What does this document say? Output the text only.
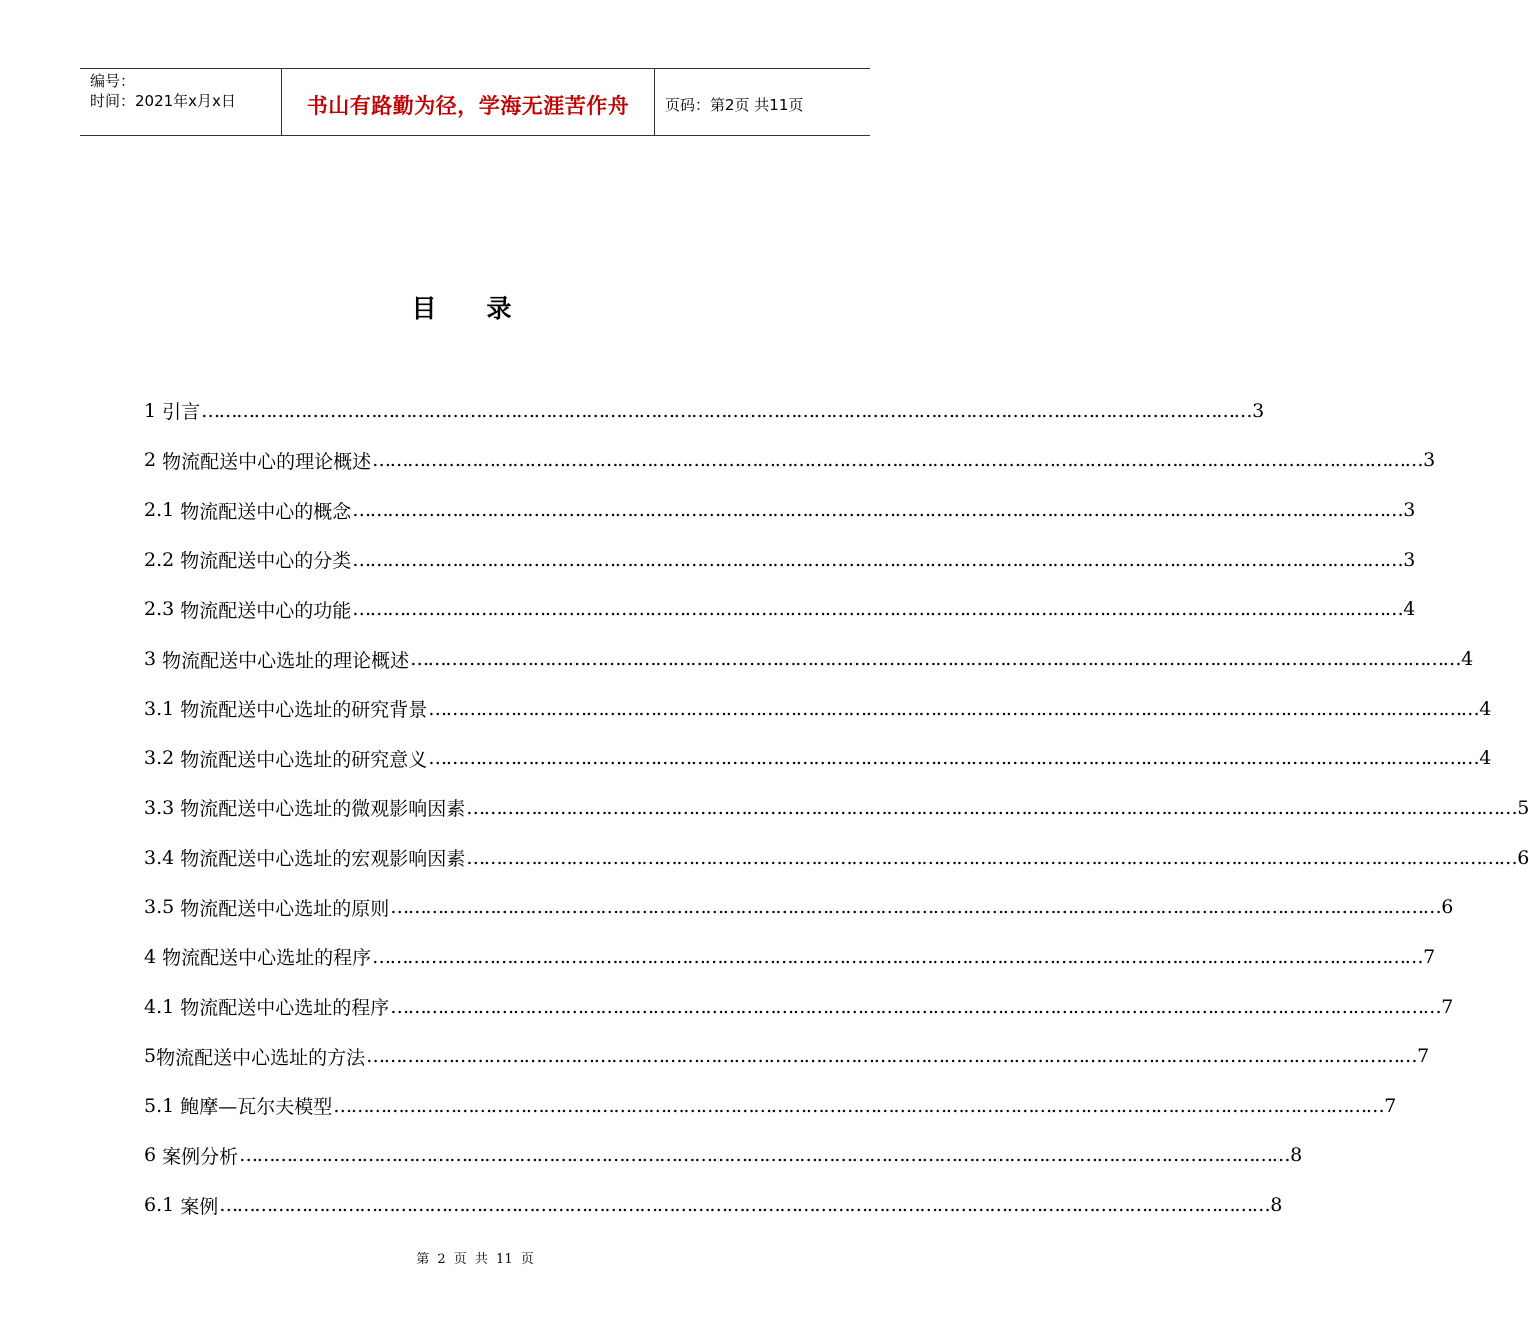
编号：
时间：2021年x月x日	书山有路勤为径，学海无涯苦作舟	页码：第2页 共11页
目 录
1
引言 ……………………………………………………………………………………………………………………………………………………………… 3
2
物流配送中心的理论概述 ……………………………………………………………………………………………………………………………………………………………… 3
2.1
物流配送中心的概念 ……………………………………………………………………………………………………………………………………………………………… 3
2.2
物流配送中心的分类 ……………………………………………………………………………………………………………………………………………………………… 3
2.3
物流配送中心的功能 ……………………………………………………………………………………………………………………………………………………………… 4
3
物流配送中心选址的理论概述 ……………………………………………………………………………………………………………………………………………………………… 4
3.1
物流配送中心选址的研究背景 ……………………………………………………………………………………………………………………………………………………………… 4
3.2
物流配送中心选址的研究意义 ……………………………………………………………………………………………………………………………………………………………… 4
3.3
物流配送中心选址的微观影响因素 ……………………………………………………………………………………………………………………………………………………………… 5
3.4
物流配送中心选址的宏观影响因素 ……………………………………………………………………………………………………………………………………………………………… 6
3.5
物流配送中心选址的原则 ……………………………………………………………………………………………………………………………………………………………… 6
4
物流配送中心选址的程序 ……………………………………………………………………………………………………………………………………………………………… 7
4.1
物流配送中心选址的程序 ……………………………………………………………………………………………………………………………………………………………… 7
5 物流配送中心选址的方法 ……………………………………………………………………………………………………………………………………………………………… 7
5.1
鲍摩—瓦尔夫模型 ……………………………………………………………………………………………………………………………………………………………… 7
6
案例分析 ……………………………………………………………………………………………………………………………………………………………… 8
6.1
案例 ……………………………………………………………………………………………………………………………………………………………… 8
第 2 页 共 11 页
